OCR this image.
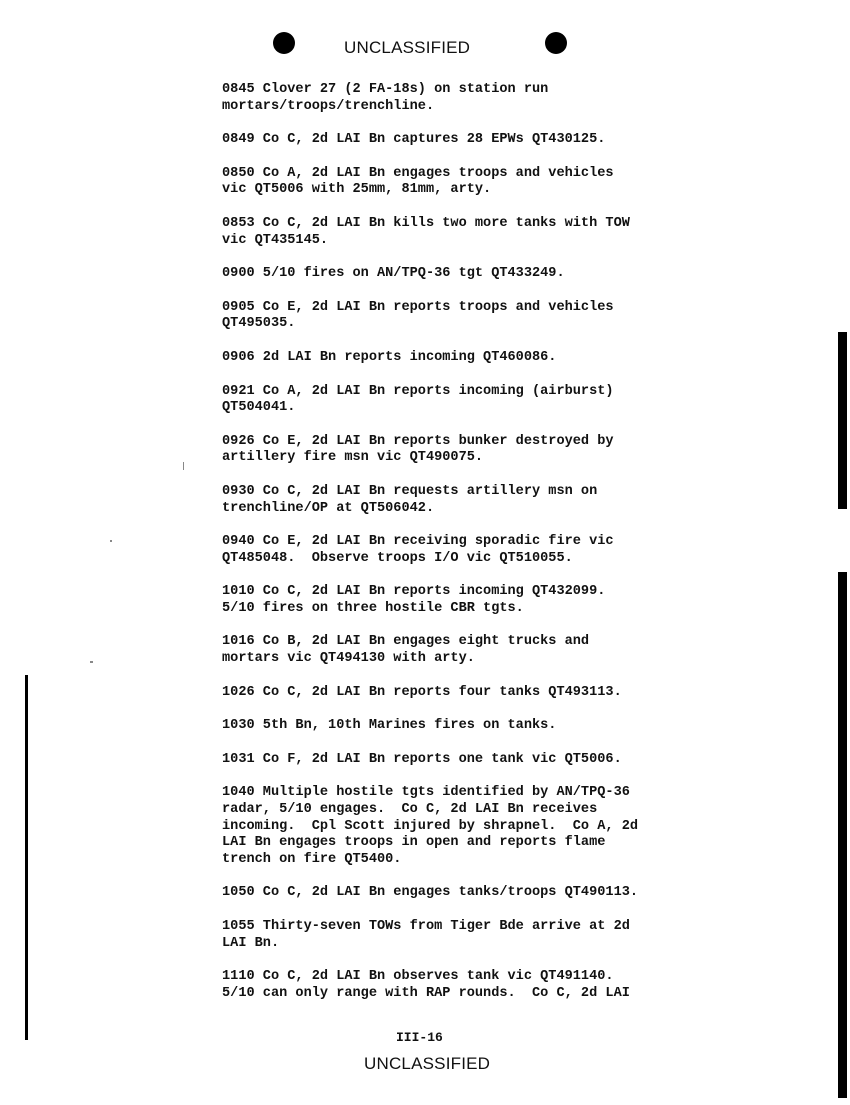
UNCLASSIFIED
0845 Clover 27 (2 FA-18s) on station run
mortars/troops/trenchline.
0849 Co C, 2d LAI Bn captures 28 EPWs QT430125.
0850 Co A, 2d LAI Bn engages troops and vehicles
vic QT5006 with 25mm, 81mm, arty.
0853 Co C, 2d LAI Bn kills two more tanks with TOW
vic QT435145.
0900 5/10 fires on AN/TPQ-36 tgt QT433249.
0905 Co E, 2d LAI Bn reports troops and vehicles
QT495035.
0906 2d LAI Bn reports incoming QT460086.
0921 Co A, 2d LAI Bn reports incoming (airburst)
QT504041.
0926 Co E, 2d LAI Bn reports bunker destroyed by
artillery fire msn vic QT490075.
0930 Co C, 2d LAI Bn requests artillery msn on
trenchline/OP at QT506042.
0940 Co E, 2d LAI Bn receiving sporadic fire vic
QT485048.  Observe troops I/O vic QT510055.
1010 Co C, 2d LAI Bn reports incoming QT432099.
5/10 fires on three hostile CBR tgts.
1016 Co B, 2d LAI Bn engages eight trucks and
mortars vic QT494130 with arty.
1026 Co C, 2d LAI Bn reports four tanks QT493113.
1030 5th Bn, 10th Marines fires on tanks.
1031 Co F, 2d LAI Bn reports one tank vic QT5006.
1040 Multiple hostile tgts identified by AN/TPQ-36
radar, 5/10 engages.  Co C, 2d LAI Bn receives
incoming.  Cpl Scott injured by shrapnel.  Co A, 2d
LAI Bn engages troops in open and reports flame
trench on fire QT5400.
1050 Co C, 2d LAI Bn engages tanks/troops QT490113.
1055 Thirty-seven TOWs from Tiger Bde arrive at 2d
LAI Bn.
1110 Co C, 2d LAI Bn observes tank vic QT491140.
5/10 can only range with RAP rounds.  Co C, 2d LAI
III-16
UNCLASSIFIED
